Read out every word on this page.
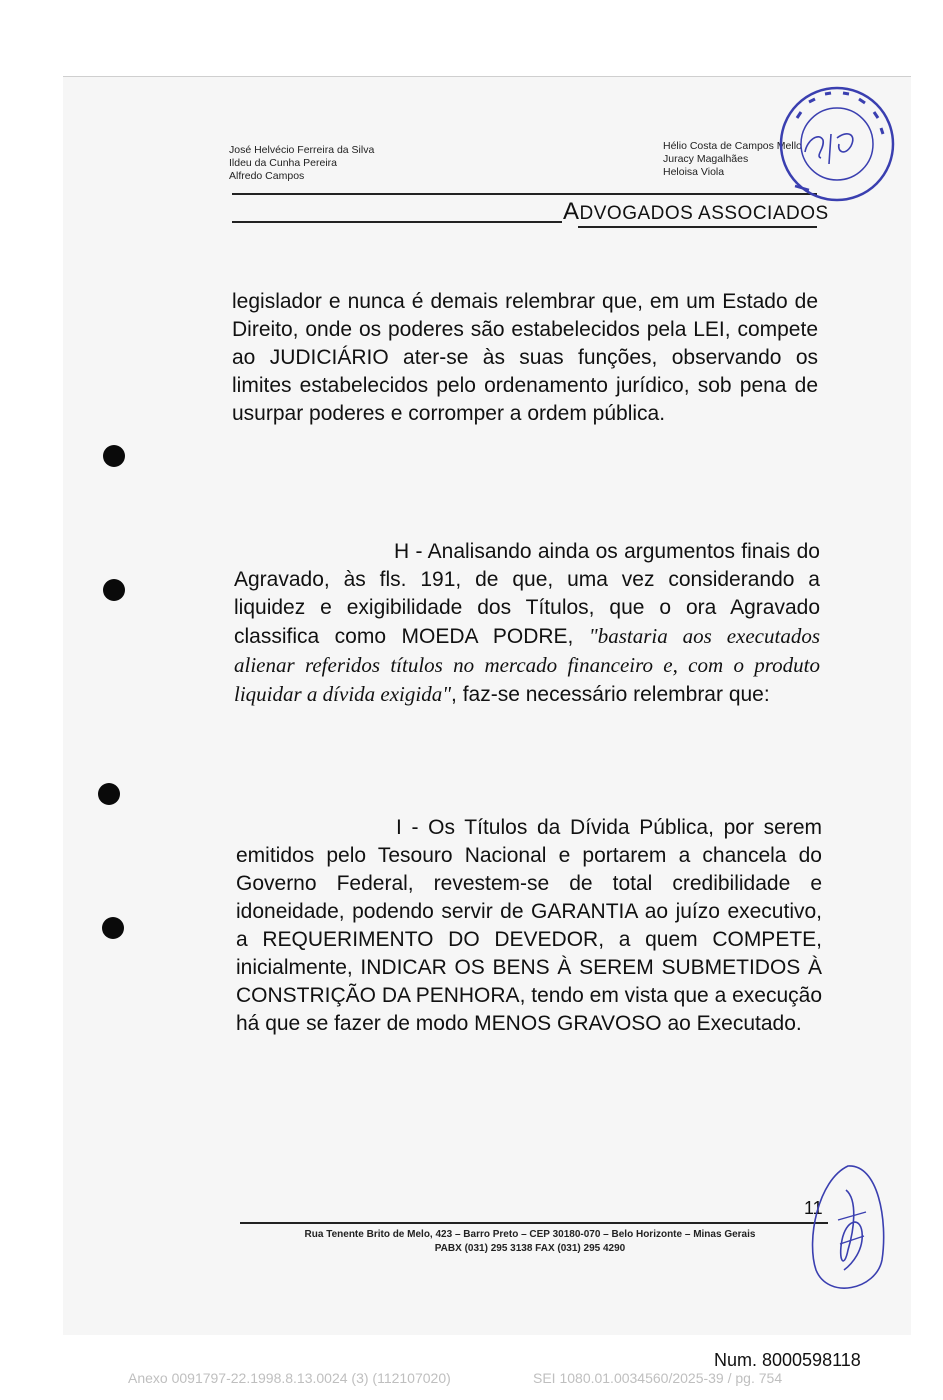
José Helvécio Ferreira da Silva
Ildeu da Cunha Pereira
Alfredo Campos
Hélio Costa de Campos Mello
Juracy Magalhães
Heloisa Viola
ADVOGADOS ASSOCIADOS
legislador e nunca é demais relembrar que, em um Estado de Direito, onde os poderes são estabelecidos pela LEI, compete ao JUDICIÁRIO ater-se às suas funções, observando os limites estabelecidos pelo ordenamento jurídico, sob pena de usurpar poderes e corromper a ordem pública.
H - Analisando ainda os argumentos finais do Agravado, às fls. 191, de que, uma vez considerando a liquidez e exigibilidade dos Títulos, que o ora Agravado classifica como MOEDA PODRE, "bastaria aos executados alienar referidos títulos no mercado financeiro e, com o produto liquidar a dívida exigida", faz-se necessário relembrar que:
I - Os Títulos da Dívida Pública, por serem emitidos pelo Tesouro Nacional e portarem a chancela do Governo Federal, revestem-se de total credibilidade e idoneidade, podendo servir de GARANTIA ao juízo executivo, a REQUERIMENTO DO DEVEDOR, a quem COMPETE, inicialmente, INDICAR OS BENS À SEREM SUBMETIDOS À CONSTRIÇÃO DA PENHORA, tendo em vista que a execução há que se fazer de modo MENOS GRAVOSO ao Executado.
11
Rua Tenente Brito de Melo, 423 – Barro Preto – CEP 30180-070 – Belo Horizonte – Minas Gerais
PABX (031) 295 3138 FAX (031) 295 4290
Num. 8000598118
Anexo 0091797-22.1998.8.13.0024 (3) (112107020)	SEI 1080.01.0034560/2025-39 / pg. 754
